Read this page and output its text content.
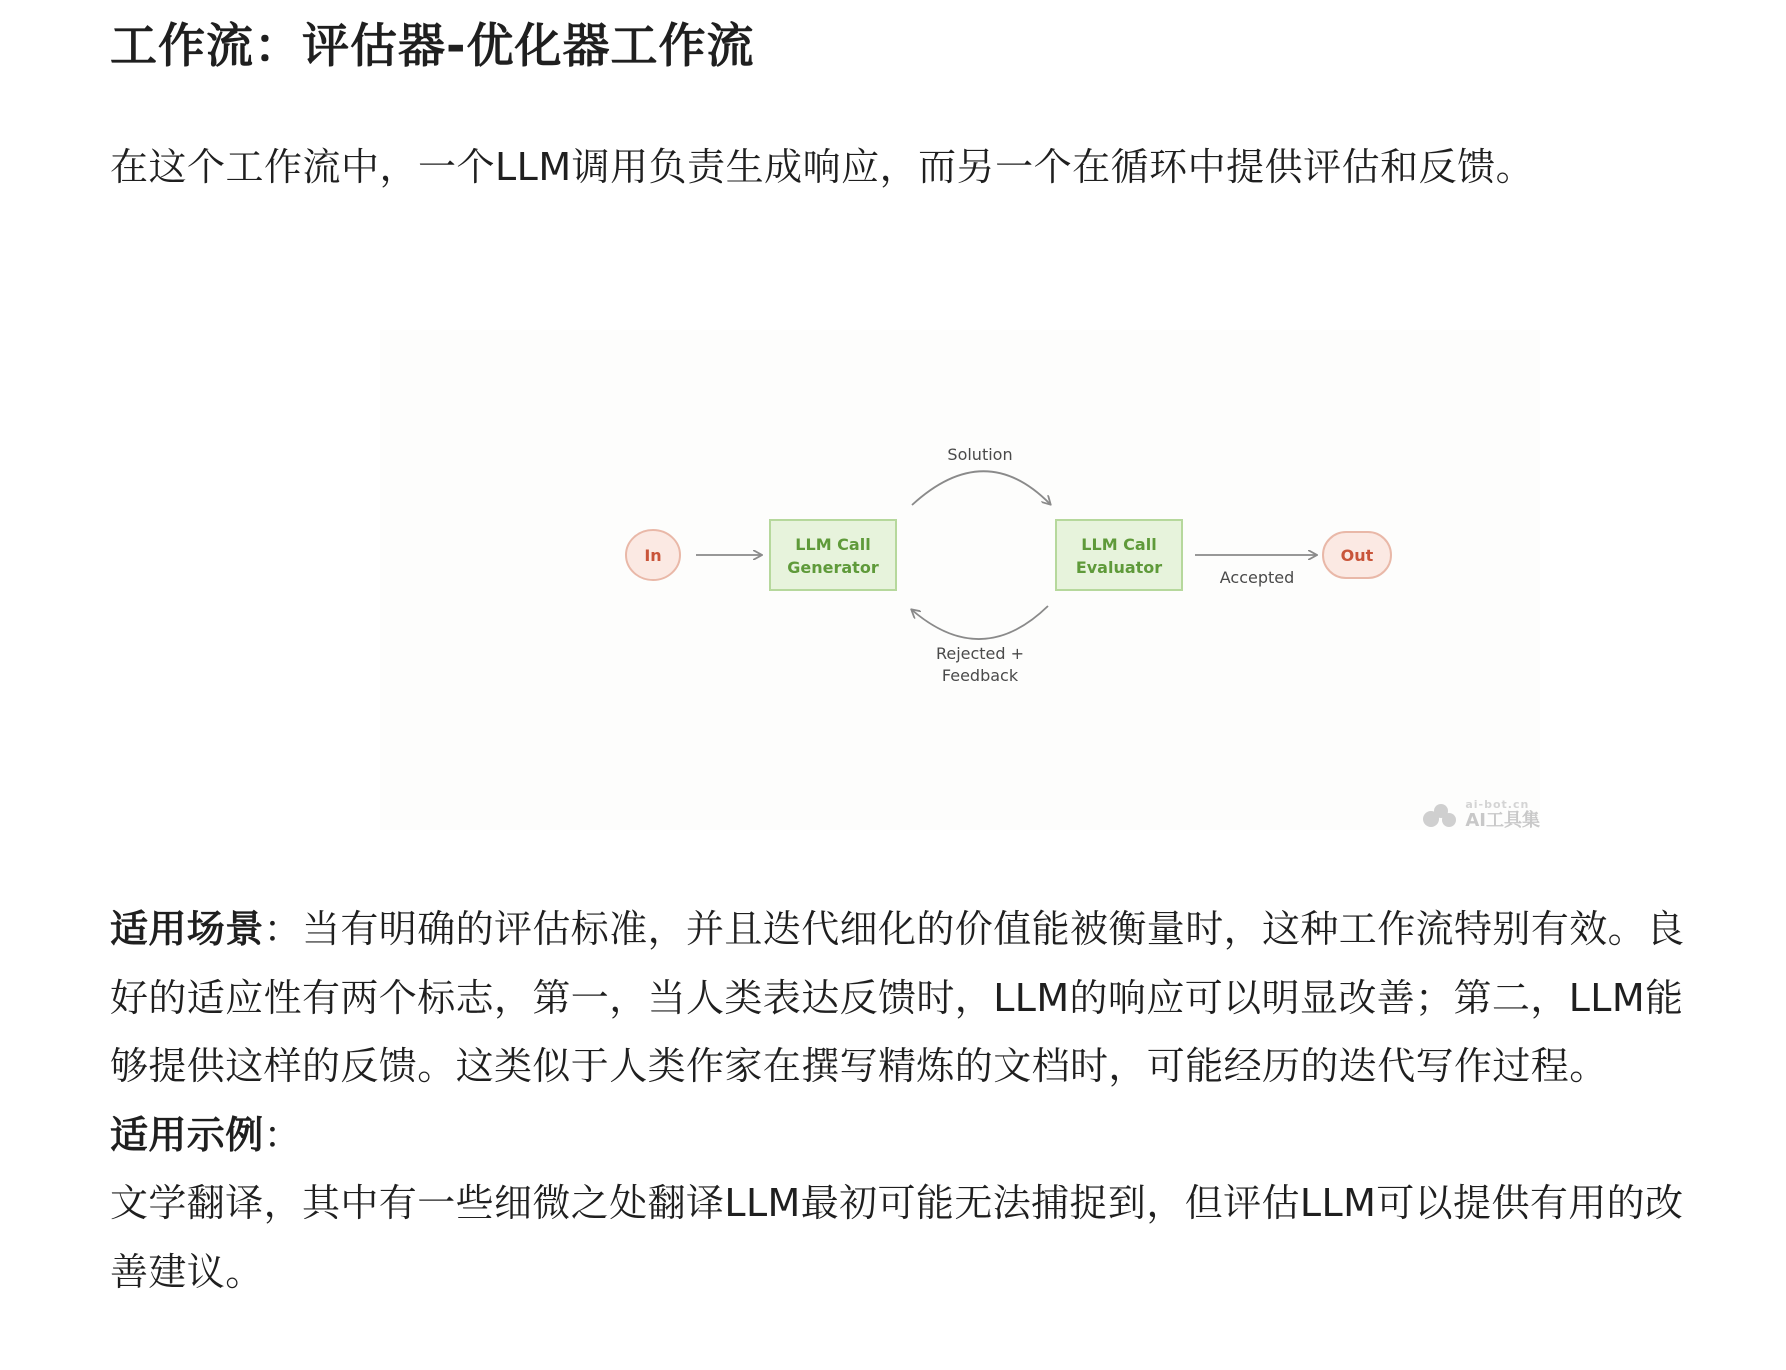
工作流：评估器-优化器工作流

在这个工作流中，一个LLM调用负责生成响应，而另一个在循环中提供评估和反馈。

In
LLM Call
Generator
Solution
Rejected +
Feedback
LLM Call
Evaluator
Accepted
Out
ai-bot.cn
AI工具集

适用场景：当有明确的评估标准，并且迭代细化的价值能被衡量时，这种工作流特别有效。良好的适应性有两个标志，第一，当人类表达反馈时，LLM的响应可以明显改善；第二，LLM能够提供这样的反馈。这类似于人类作家在撰写精炼的文档时，可能经历的迭代写作过程。

适用示例：

文学翻译，其中有一些细微之处翻译LLM最初可能无法捕捉到，但评估LLM可以提供有用的改善建议。
